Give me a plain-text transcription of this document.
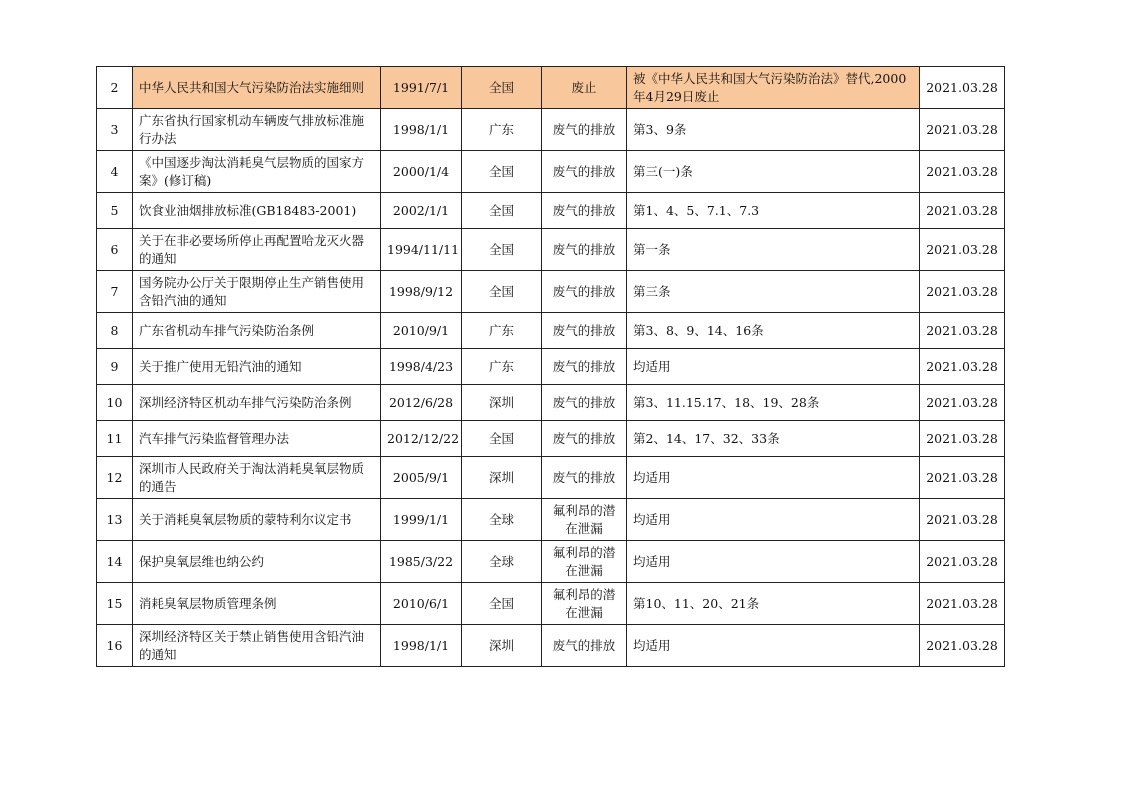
2	中华人民共和国大气污染防治法实施细则	1991/7/1	全国	废止	被《中华人民共和国大气污染防治法》替代,2000年4月29日废止	2021.03.28
3	广东省执行国家机动车辆废气排放标准施行办法	1998/1/1	广东	废气的排放	第3、9条	2021.03.28
4	《中国逐步淘汰消耗臭气层物质的国家方案》(修订稿)	2000/1/4	全国	废气的排放	第三(一)条	2021.03.28
5	饮食业油烟排放标准(GB18483-2001)	2002/1/1	全国	废气的排放	第1、4、5、7.1、7.3	2021.03.28
6	关于在非必要场所停止再配置哈龙灭火器的通知	1994/11/11	全国	废气的排放	第一条	2021.03.28
7	国务院办公厅关于限期停止生产销售使用含铅汽油的通知	1998/9/12	全国	废气的排放	第三条	2021.03.28
8	广东省机动车排气污染防治条例	2010/9/1	广东	废气的排放	第3、8、9、14、16条	2021.03.28
9	关于推广使用无铅汽油的通知	1998/4/23	广东	废气的排放	均适用	2021.03.28
10	深圳经济特区机动车排气污染防治条例	2012/6/28	深圳	废气的排放	第3、11.15.17、18、19、28条	2021.03.28
11	汽车排气污染监督管理办法	2012/12/22	全国	废气的排放	第2、14、17、32、33条	2021.03.28
12	深圳市人民政府关于淘汰消耗臭氧层物质的通告	2005/9/1	深圳	废气的排放	均适用	2021.03.28
13	关于消耗臭氧层物质的蒙特利尔议定书	1999/1/1	全球	氟利昂的潜在泄漏	均适用	2021.03.28
14	保护臭氧层维也纳公约	1985/3/22	全球	氟利昂的潜在泄漏	均适用	2021.03.28
15	消耗臭氧层物质管理条例	2010/6/1	全国	氟利昂的潜在泄漏	第10、11、20、21条	2021.03.28
16	深圳经济特区关于禁止销售使用含铅汽油的通知	1998/1/1	深圳	废气的排放	均适用	2021.03.28
